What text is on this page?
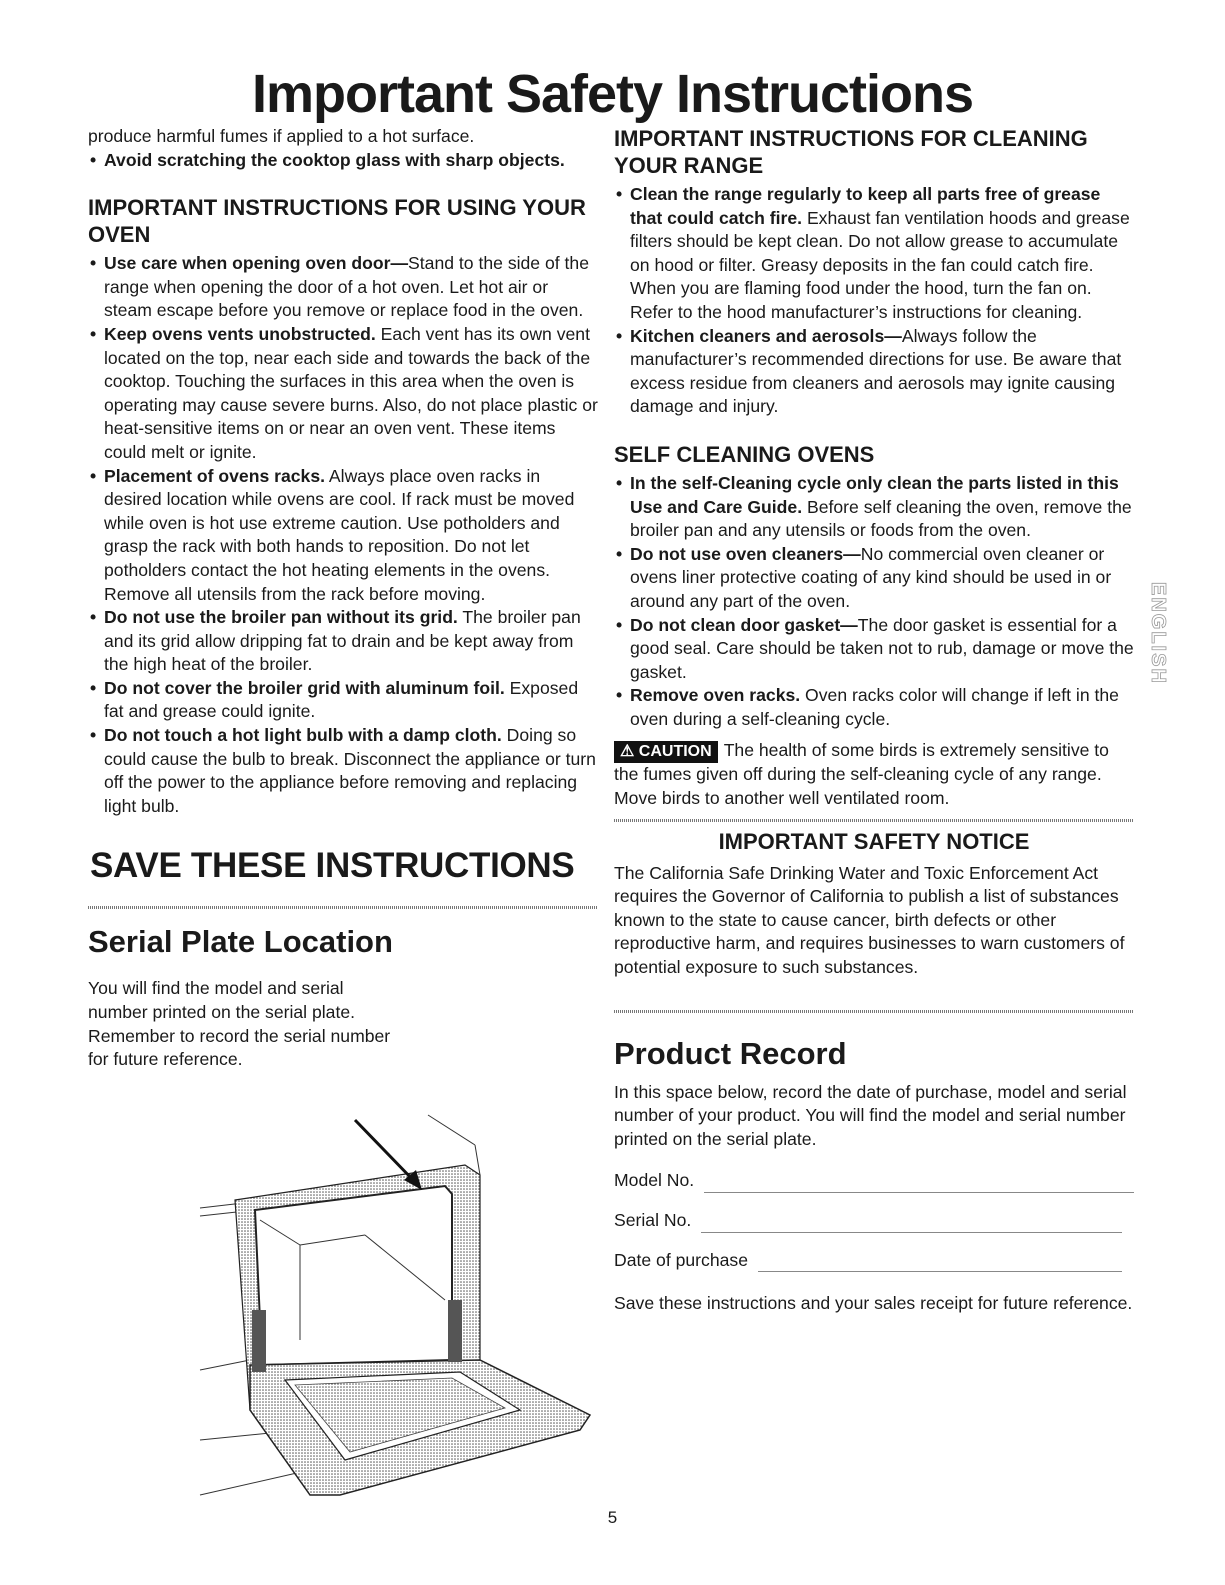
Important Safety Instructions

produce harmful fumes if applied to a hot surface.

• Avoid scratching the cooktop glass with sharp objects.
IMPORTANT INSTRUCTIONS FOR USING YOUR OVEN
• Use care when opening oven door—Stand to the side of the range when opening the door of a hot oven. Let hot air or steam escape before you remove or replace food in the oven.
• Keep ovens vents unobstructed. Each vent has its own vent located on the top, near each side and towards the back of the cooktop. Touching the surfaces in this area when the oven is operating may cause severe burns. Also, do not place plastic or heat-sensitive items on or near an oven vent. These items could melt or ignite.
• Placement of ovens racks. Always place oven racks in desired location while ovens are cool. If rack must be moved while oven is hot use extreme caution. Use potholders and grasp the rack with both hands to reposition. Do not let potholders contact the hot heating elements in the ovens. Remove all utensils from the rack before moving.
• Do not use the broiler pan without its grid. The broiler pan and its grid allow dripping fat to drain and be kept away from the high heat of the broiler.
• Do not cover the broiler grid with aluminum foil. Exposed fat and grease could ignite.
• Do not touch a hot light bulb with a damp cloth. Doing so could cause the bulb to break. Disconnect the appliance or turn off the power to the appliance before removing and replacing light bulb.
SAVE THESE INSTRUCTIONS
Serial Plate Location

You will find the model and serial number printed on the serial plate. Remember to record the serial number for future reference.

IMPORTANT INSTRUCTIONS FOR CLEANING YOUR RANGE
• Clean the range regularly to keep all parts free of grease that could catch fire. Exhaust fan ventilation hoods and grease filters should be kept clean. Do not allow grease to accumulate on hood or filter. Greasy deposits in the fan could catch fire. When you are flaming food under the hood, turn the fan on. Refer to the hood manufacturer’s instructions for cleaning.
• Kitchen cleaners and aerosols—Always follow the manufacturer’s recommended directions for use. Be aware that excess residue from cleaners and aerosols may ignite causing damage and injury.
SELF CLEANING OVENS
• In the self-Cleaning cycle only clean the parts listed in this Use and Care Guide. Before self cleaning the oven, remove the broiler pan and any utensils or foods from the oven.
• Do not use oven cleaners—No commercial oven cleaner or ovens liner protective coating of any kind should be used in or around any part of the oven.
• Do not clean door gasket—The door gasket is essential for a good seal. Care should be taken not to rub, damage or move the gasket.
• Remove oven racks. Oven racks color will change if left in the oven during a self-cleaning cycle.

⚠ CAUTION The health of some birds is extremely sensitive to the fumes given off during the self-cleaning cycle of any range. Move birds to another well ventilated room.

IMPORTANT SAFETY NOTICE

The California Safe Drinking Water and Toxic Enforcement Act requires the Governor of California to publish a list of substances known to the state to cause cancer, birth defects or other reproductive harm, and requires businesses to warn customers of potential exposure to such substances.

Product Record

In this space below, record the date of purchase, model and serial number of your product. You will find the model and serial number printed on the serial plate.

Model No.
Serial No.
Date of purchase

Save these instructions and your sales receipt for future reference.

ENGLISH
5
